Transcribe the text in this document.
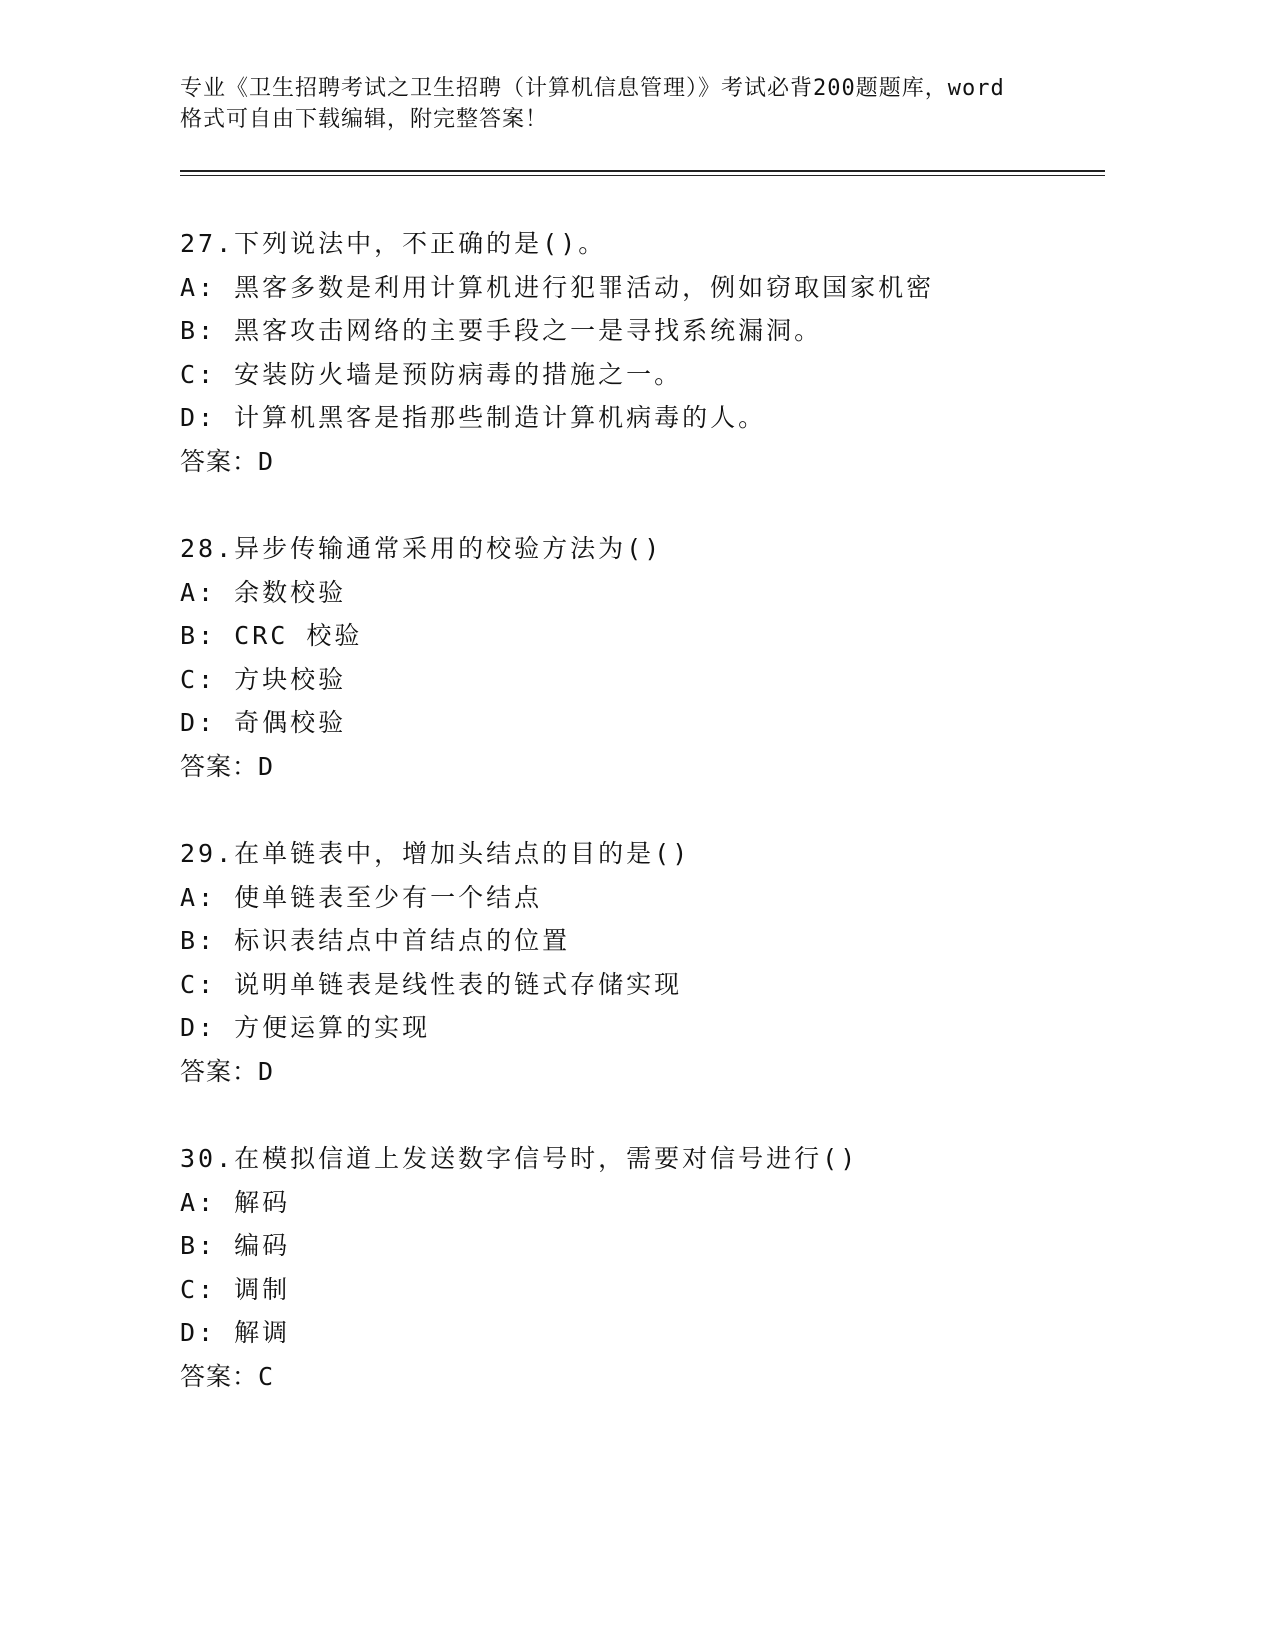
专业《卫生招聘考试之卫生招聘（计算机信息管理）》考试必背200题题库，word
格式可自由下载编辑，附完整答案！
27.下列说法中，不正确的是()。
A: 黑客多数是利用计算机进行犯罪活动，例如窃取国家机密
B: 黑客攻击网络的主要手段之一是寻找系统漏洞。
C: 安装防火墙是预防病毒的措施之一。
D: 计算机黑客是指那些制造计算机病毒的人。
答案：D
28.异步传输通常采用的校验方法为()
A: 余数校验
B: CRC 校验
C: 方块校验
D: 奇偶校验
答案：D
29.在单链表中，增加头结点的目的是()
A: 使单链表至少有一个结点
B: 标识表结点中首结点的位置
C: 说明单链表是线性表的链式存储实现
D: 方便运算的实现
答案：D
30.在模拟信道上发送数字信号时，需要对信号进行()
A: 解码
B: 编码
C: 调制
D: 解调
答案：C
